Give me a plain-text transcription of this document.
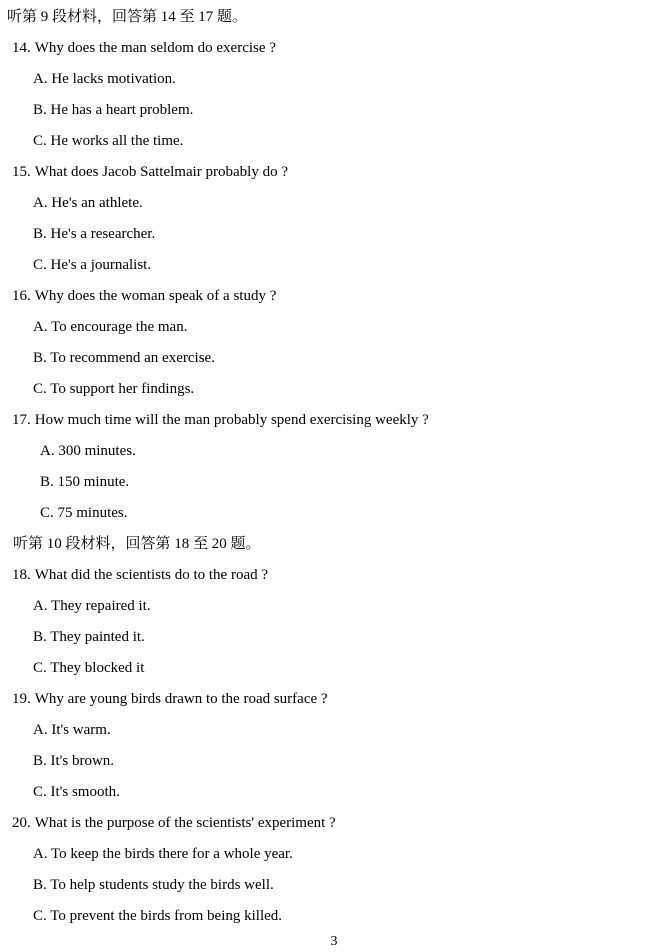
听第 9 段材料，回答第 14 至 17 题。
14. Why does the man seldom do exercise ?
A. He lacks motivation.
B. He has a heart problem.
C. He works all the time.
15. What does Jacob Sattelmair probably do ?
A. He's an athlete.
B. He's a researcher.
C. He's a journalist.
16. Why does the woman speak of a study ?
A. To encourage the man.
B. To recommend an exercise.
C. To support her findings.
17. How much time will the man probably spend exercising weekly ?
A. 300 minutes.
B. 150 minute.
C. 75 minutes.
听第 10 段材料，回答第 18 至 20 题。
18. What did the scientists do to the road ?
A. They repaired it.
B. They painted it.
C. They blocked it
19. Why are young birds drawn to the road surface ?
A. It's warm.
B. It's brown.
C. It's smooth.
20. What is the purpose of the scientists' experiment ?
A. To keep the birds there for a whole year.
B. To help students study the birds well.
C. To prevent the birds from being killed.
3
